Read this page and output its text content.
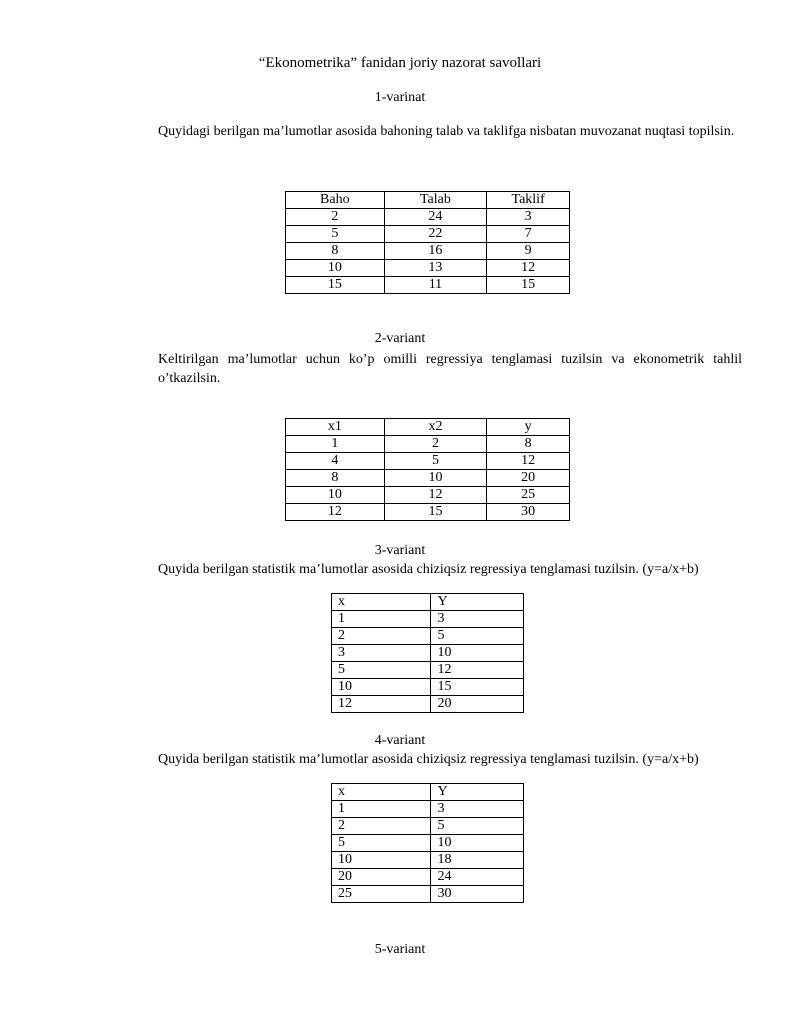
“Ekonometrika” fanidan joriy nazorat savollari
1-varinat
Quyidagi berilgan ma’lumotlar asosida bahoning talab va taklifga nisbatan muvozanat nuqtasi topilsin.
Baho	Talab	Taklif
2	24	3
5	22	7
8	16	9
10	13	12
15	11	15
2-variant
Keltirilgan ma’lumotlar uchun ko’p omilli regressiya tenglamasi tuzilsin va ekonometrik tahlil o’tkazilsin.
x1	x2	y
1	2	8
4	5	12
8	10	20
10	12	25
12	15	30
3-variant
Quyida berilgan statistik ma’lumotlar asosida chiziqsiz regressiya tenglamasi tuzilsin. (y=a/x+b)
x	Y
1	3
2	5
3	10
5	12
10	15
12	20
4-variant
Quyida berilgan statistik ma’lumotlar asosida chiziqsiz regressiya tenglamasi tuzilsin. (y=a/x+b)
x	Y
1	3
2	5
5	10
10	18
20	24
25	30
5-variant
